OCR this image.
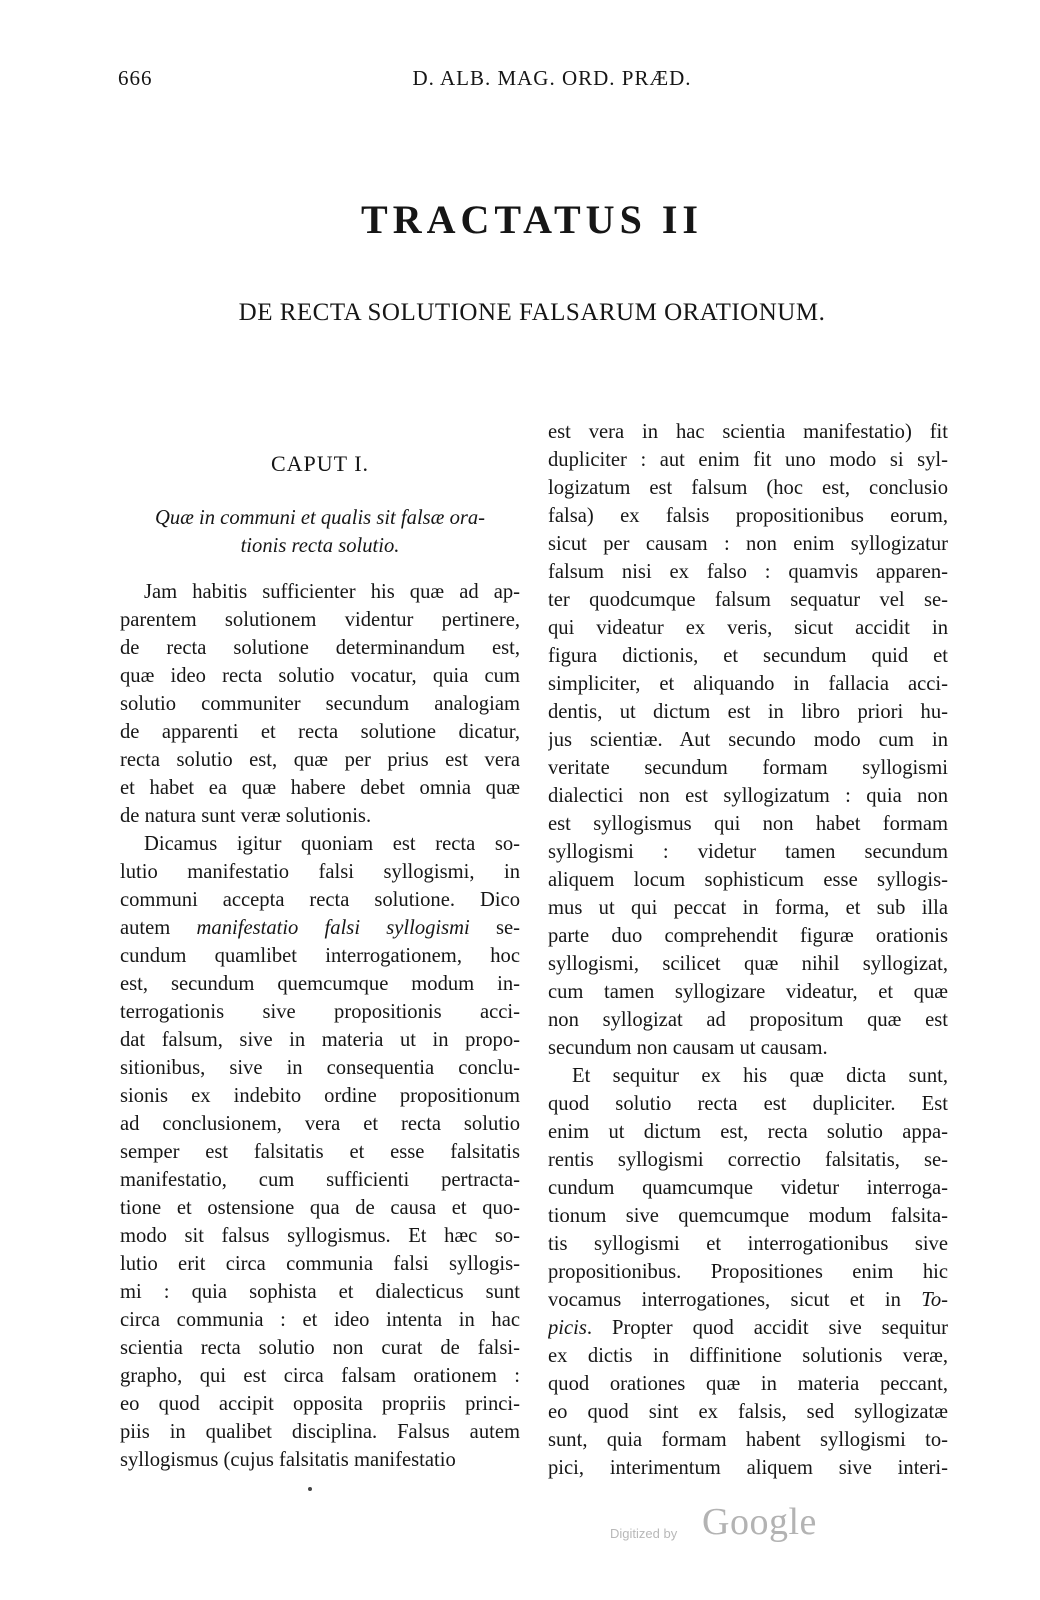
666	D. ALB. MAG. ORD. PRÆD.
TRACTATUS II
DE RECTA SOLUTIONE FALSARUM ORATIONUM.
CAPUT I.
Quæ in communi et qualis sit falsæ ora-
tionis recta solutio.
Jam habitis sufficienter his quæ ad ap-
parentem solutionem videntur pertinere,
de recta solutione determinandum est,
quæ ideo recta solutio vocatur, quia cum
solutio communiter secundum analogiam
de apparenti et recta solutione dicatur,
recta solutio est, quæ per prius est vera
et habet ea quæ habere debet omnia quæ
de natura sunt veræ solutionis.
Dicamus igitur quoniam est recta so-
lutio manifestatio falsi syllogismi, in
communi accepta recta solutione. Dico
autem manifestatio falsi syllogismi se-
cundum quamlibet interrogationem, hoc
est, secundum quemcumque modum in-
terrogationis sive propositionis acci-
dat falsum, sive in materia ut in propo-
sitionibus, sive in consequentia conclu-
sionis ex indebito ordine propositionum
ad conclusionem, vera et recta solutio
semper est falsitatis et esse falsitatis
manifestatio, cum sufficienti pertracta-
tione et ostensione qua de causa et quo-
modo sit falsus syllogismus. Et hæc so-
lutio erit circa communia falsi syllogis-
mi : quia sophista et dialecticus sunt
circa communia : et ideo intenta in hac
scientia recta solutio non curat de falsi-
grapho, qui est circa falsam orationem :
eo quod accipit opposita propriis princi-
piis in qualibet disciplina. Falsus autem
syllogismus (cujus falsitatis manifestatio
est vera in hac scientia manifestatio) fit
dupliciter : aut enim fit uno modo si syl-
logizatum est falsum (hoc est, conclusio
falsa) ex falsis propositionibus eorum,
sicut per causam : non enim syllogizatur
falsum nisi ex falso : quamvis apparen-
ter quodcumque falsum sequatur vel se-
qui videatur ex veris, sicut accidit in
figura dictionis, et secundum quid et
simpliciter, et aliquando in fallacia acci-
dentis, ut dictum est in libro priori hu-
jus scientiæ. Aut secundo modo cum in
veritate secundum formam syllogismi
dialectici non est syllogizatum : quia non
est syllogismus qui non habet formam
syllogismi : videtur tamen secundum
aliquem locum sophisticum esse syllogis-
mus ut qui peccat in forma, et sub illa
parte duo comprehendit figuræ orationis
syllogismi, scilicet quæ nihil syllogizat,
cum tamen syllogizare videatur, et quæ
non syllogizat ad propositum quæ est
secundum non causam ut causam.
Et sequitur ex his quæ dicta sunt,
quod solutio recta est dupliciter. Est
enim ut dictum est, recta solutio appa-
rentis syllogismi correctio falsitatis, se-
cundum quamcumque videtur interroga-
tionum sive quemcumque modum falsita-
tis syllogismi et interrogationibus sive
propositionibus. Propositiones enim hic
vocamus interrogationes, sicut et in To-
picis. Propter quod accidit sive sequitur
ex dictis in diffinitione solutionis veræ,
quod orationes quæ in materia peccant,
eo quod sint ex falsis, sed syllogizatæ
sunt, quia formam habent syllogismi to-
pici, interimentum aliquem sive interi-
Digitized by Google
